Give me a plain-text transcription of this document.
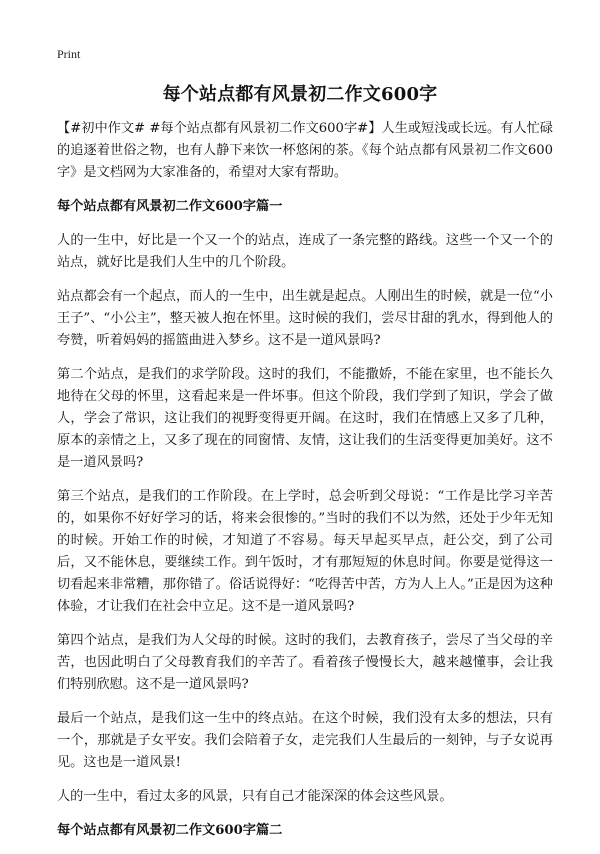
Print
每个站点都有风景初二作文600字

【#初中作文# #每个站点都有风景初二作文600字#】人生或短浅或长远。有人忙碌的追逐着世俗之物，也有人静下来饮一杯悠闲的茶。《每个站点都有风景初二作文600字》是文档网为大家准备的，希望对大家有帮助。

每个站点都有风景初二作文600字篇一

人的一生中，好比是一个又一个的站点，连成了一条完整的路线。这些一个又一个的站点，就好比是我们人生中的几个阶段。

站点都会有一个起点，而人的一生中，出生就是起点。人刚出生的时候，就是一位“小王子”、“小公主”，整天被人抱在怀里。这时候的我们，尝尽甘甜的乳水，得到他人的夸赞，听着妈妈的摇篮曲进入梦乡。这不是一道风景吗?

第二个站点，是我们的求学阶段。这时的我们，不能撒娇，不能在家里，也不能长久地待在父母的怀里，这看起来是一件坏事。但这个阶段，我们学到了知识，学会了做人，学会了常识，这让我们的视野变得更开阔。在这时，我们在情感上又多了几种，原本的亲情之上，又多了现在的同窗情、友情，这让我们的生活变得更加美好。这不是一道风景吗?

第三个站点，是我们的工作阶段。在上学时，总会听到父母说：“工作是比学习辛苦的，如果你不好好学习的话，将来会很惨的。”当时的我们不以为然，还处于少年无知的时候。开始工作的时候，才知道了不容易。每天早起买早点，赶公交，到了公司后，又不能休息，要继续工作。到午饭时，才有那短短的休息时间。你要是觉得这一切看起来非常糟，那你错了。俗话说得好：“吃得苦中苦，方为人上人。”正是因为这种体验，才让我们在社会中立足。这不是一道风景吗?

第四个站点，是我们为人父母的时候。这时的我们，去教育孩子，尝尽了当父母的辛苦，也因此明白了父母教育我们的辛苦了。看着孩子慢慢长大，越来越懂事，会让我们特别欣慰。这不是一道风景吗?

最后一个站点，是我们这一生中的终点站。在这个时候，我们没有太多的想法，只有一个，那就是子女平安。我们会陪着子女，走完我们人生最后的一刻钟，与子女说再见。这也是一道风景!

人的一生中，看过太多的风景，只有自己才能深深的体会这些风景。

每个站点都有风景初二作文600字篇二
